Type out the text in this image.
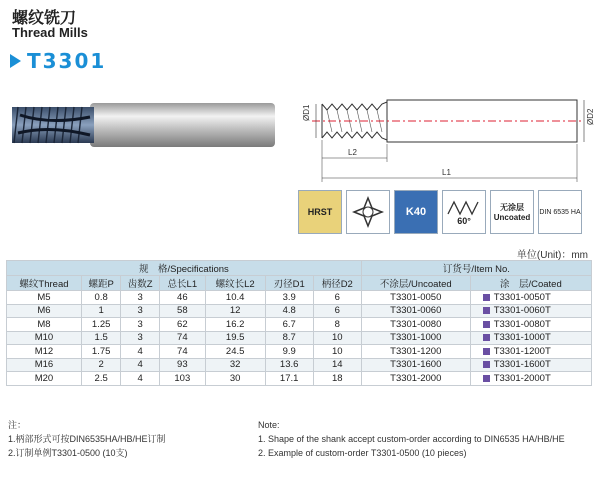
螺纹铣刀
Thread Mills
T3301
ØD1	ØD2
L2
L1
HRST	K40
60°
无涂层 Uncoated
DIN 6535 HA
单位(Unit)：mm
规　格/Specifications							订货号/Item No.	
螺纹Thread	螺距P	齿数Z	总长L1	螺纹长L2	刃径D1	柄径D2	不涂层/Uncoated	涂　层/Coated
M5	0.8	3	46	10.4	3.9	6	T3301-0050	T3301-0050T
M6	1	3	58	12	4.8	6	T3301-0060	T3301-0060T
M8	1.25	3	62	16.2	6.7	8	T3301-0080	T3301-0080T
M10	1.5	3	74	19.5	8.7	10	T3301-1000	T3301-1000T
M12	1.75	4	74	24.5	9.9	10	T3301-1200	T3301-1200T
M16	2	4	93	32	13.6	14	T3301-1600	T3301-1600T
M20	2.5	4	103	30	17.1	18	T3301-2000	T3301-2000T
注：
1.柄部形式可按DIN6535HA/HB/HE订制
2.订制单例T3301-0500 (10支)
Note:
1. Shape of the shank accept custom-order according to DIN6535 HA/HB/HE
2. Example of custom-order T3301-0500 (10 pieces)
